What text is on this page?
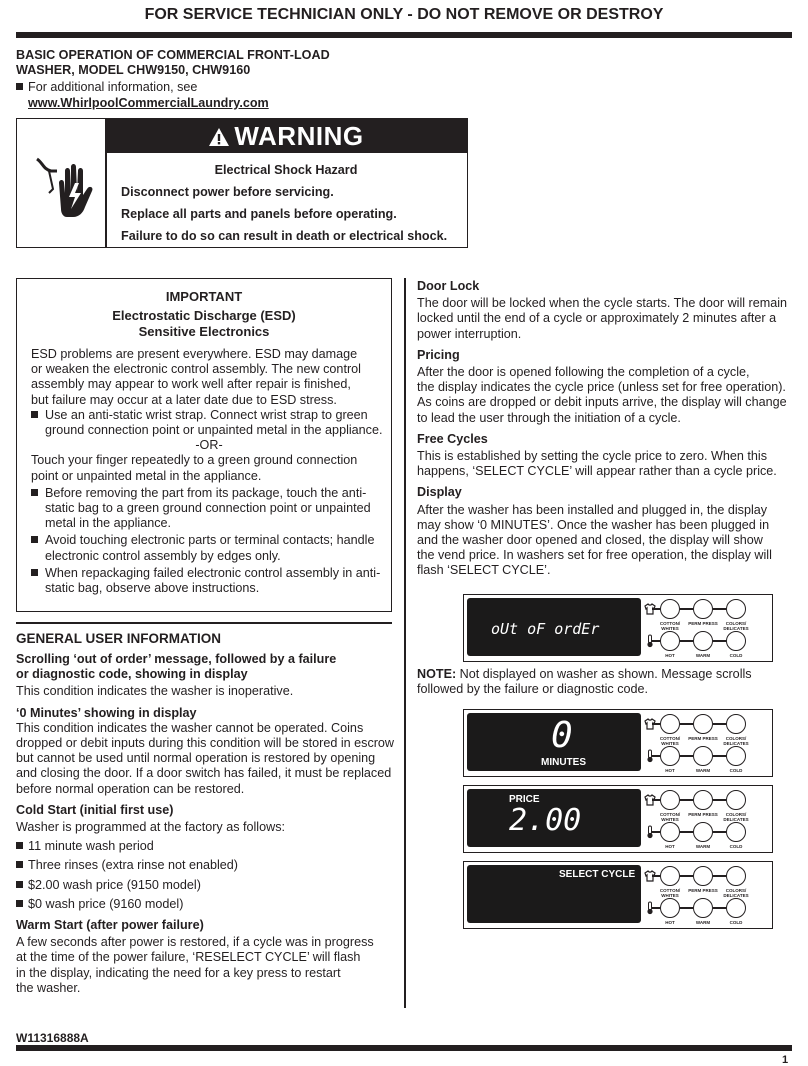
FOR SERVICE TECHNICIAN ONLY - DO NOT REMOVE OR DESTROY

BASIC OPERATION OF COMMERCIAL FRONT-LOAD

WASHER, MODEL CHW9150, CHW9160

For additional information, see

www.WhirlpoolCommercialLaundry.com

WARNING

Electrical Shock Hazard

Disconnect power before servicing.

Replace all parts and panels before operating.

Failure to do so can result in death or electrical shock.

IMPORTANT

Electrostatic Discharge (ESD)

Sensitive Electronics

ESD problems are present everywhere. ESD may damage

or weaken the electronic control assembly. The new control

assembly may appear to work well after repair is finished,

but failure may occur at a later date due to ESD stress.

Use an anti-static wrist strap. Connect wrist strap to green

ground connection point or unpainted metal in the appliance.

-OR-

Touch your finger repeatedly to a green ground connection

point or unpainted metal in the appliance.

Before removing the part from its package, touch the anti-

static bag to a green ground connection point or unpainted

metal in the appliance.

Avoid touching electronic parts or terminal contacts; handle

electronic control assembly by edges only.

When repackaging failed electronic control assembly in anti-

static bag, observe above instructions.

GENERAL USER INFORMATION

Scrolling ‘out of order’ message, followed by a failure

or diagnostic code, showing in display

This condition indicates the washer is inoperative.

‘0 Minutes’ showing in display

This condition indicates the washer cannot be operated. Coins

dropped or debit inputs during this condition will be stored in escrow

but cannot be used until normal operation is restored by opening

and closing the door. If a door switch has failed, it must be replaced

before normal operation can be restored.

Cold Start (initial first use)

Washer is programmed at the factory as follows:

11 minute wash period

Three rinses (extra rinse not enabled)

$2.00 wash price (9150 model)

$0 wash price (9160 model)

Warm Start (after power failure)

A few seconds after power is restored, if a cycle was in progress

at the time of the power failure, ‘RESELECT CYCLE’ will flash

in the display, indicating the need for a key press to restart

the washer.

Door Lock

The door will be locked when the cycle starts. The door will remain

locked until the end of a cycle or approximately 2 minutes after a

power interruption.

Pricing

After the door is opened following the completion of a cycle,

the display indicates the cycle price (unless set for free operation).

As coins are dropped or debit inputs arrive, the display will change

to lead the user through the initiation of a cycle.

Free Cycles

This is established by setting the cycle price to zero. When this

happens, ‘SELECT CYCLE’ will appear rather than a cycle price.

Display

After the washer has been installed and plugged in, the display

may show ‘0 MINUTES’. Once the washer has been plugged in

and the washer door opened and closed, the display will show

the vend price. In washers set for free operation, the display will

flash ‘SELECT CYCLE’.

NOTE: Not displayed on washer as shown. Message scrolls

followed by the failure or diagnostic code.

oUt oF ordEr	COTTON/ WHITES
PERM PRESS	COLORS/ DELICATES
HOT	WARM	COLD
0
MINUTES
COTTON/ WHITES
PERM PRESS	COLORS/ DELICATES
HOT	WARM	COLD
PRICE
2.00	COTTON/ WHITES
PERM PRESS	COLORS/ DELICATES
HOT	WARM	COLD
SELECT CYCLE
COTTON/ WHITES
PERM PRESS	COLORS/ DELICATES
HOT	WARM	COLD

W11316888A

1
